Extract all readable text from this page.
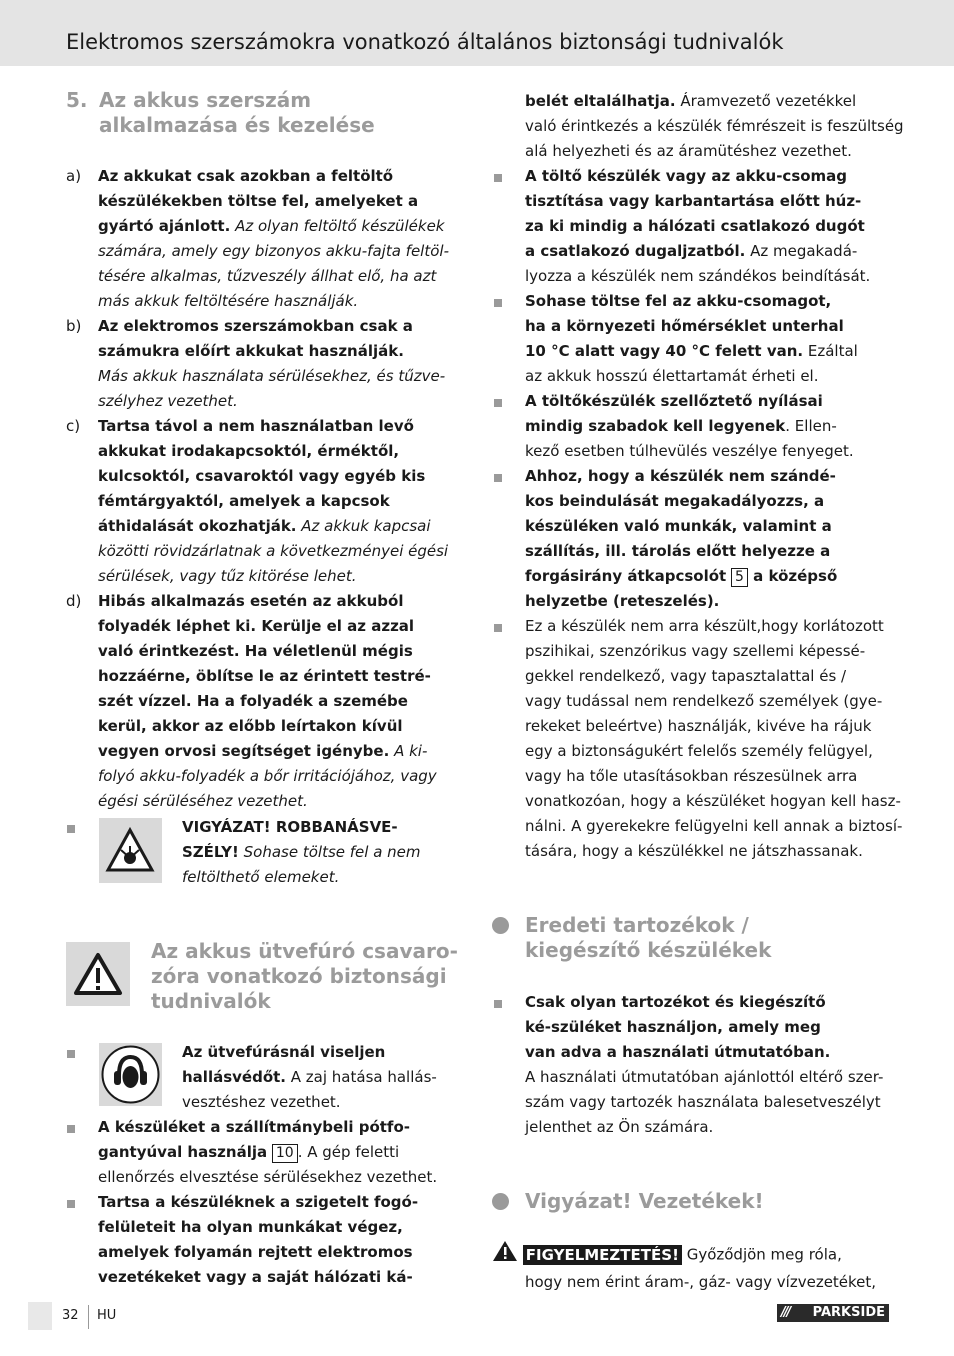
Elektromos szerszámokra vonatkozó általános biztonsági tudnivalók
5. Az akkus szerszám
alkalmazása és kezelése
a) Az akkukat csak azokban a feltöltő
készülékekben töltse fel, amelyeket a
gyártó ajánlott. Az olyan feltöltő készülékek
számára, amely egy bizonyos akku-fajta feltöl-
tésére alkalmas, tűzveszély állhat elő, ha azt
más akkuk feltöltésére használják.
b) Az elektromos szerszámokban csak a
számukra előírt akkukat használják.
Más akkuk használata sérülésekhez, és tűzve-
szélyhez vezethet.
c) Tartsa távol a nem használatban levő
akkukat irodakapcsoktól, érméktől,
kulcsoktól, csavaroktól vagy egyéb kis
fémtárgyaktól, amelyek a kapcsok
áthidalását okozhatják. Az akkuk kapcsai
közötti rövidzárlatnak a következményei égési
sérülések, vagy tűz kitörése lehet.
d) Hibás alkalmazás esetén az akkuból
folyadék léphet ki. Kerülje el az azzal
való érintkezést. Ha véletlenül mégis
hozzáérne, öblítse le az érintett testré-
szét vízzel. Ha a folyadék a szemébe
kerül, akkor az előbb leírtakon kívül
vegyen orvosi segítséget igénybe. A ki-
folyó akku-folyadék a bőr irritációjához, vagy
égési sérüléséhez vezethet.
VIGYÁZAT! ROBBANÁSVE-
SZÉLY! Sohase töltse fel a nem
feltölthető elemeket.
Az akkus ütvefúró csavaro-
zóra vonatkozó biztonsági
tudnivalók
Az ütvefúrásnál viseljen
hallásvédőt. A zaj hatása hallás-
vesztéshez vezethet.
A készüléket a szállítmánybeli pótfo-
gantyúval használja 10 . A gép feletti
ellenőrzés elvesztése sérülésekhez vezethet.
Tartsa a készüléknek a szigetelt fogó-
felületeit ha olyan munkákat végez,
amelyek folyamán rejtett elektromos
vezetékeket vagy a saját hálózati ká-
belét eltalálhatja. Áramvezető vezetékkel
való érintkezés a készülék fémrészeit is feszültség
alá helyezheti és az áramütéshez vezethet.
A töltő készülék vagy az akku-csomag
tisztítása vagy karbantartása előtt húz-
za ki mindig a hálózati csatlakozó dugót
a csatlakozó dugaljzatból. Az megakadá-
lyozza a készülék nem szándékos beindítását.
Sohase töltse fel az akku-csomagot,
ha a környezeti hőmérséklet unterhal
10 °C alatt vagy 40 °C felett van. Ezáltal
az akkuk hosszú élettartamát érheti el.
A töltőkészülék szellőztető nyílásai
mindig szabadok kell legyenek. Ellen-
kező esetben túlhevülés veszélye fenyeget.
Ahhoz, hogy a készülék nem szándé-
kos beindulását megakadályozzs, a
készüléken való munkák, valamint a
szállítás, ill. tárolás előtt helyezze a
forgásirány átkapcsolót 5 a középső
helyzetbe (reteszelés).
Ez a készülék nem arra készült,hogy korlátozott
pszihikai, szenzórikus vagy szellemi képessé-
gekkel rendelkező, vagy tapasztalattal és /
vagy tudással nem rendelkező személyek (gye-
rekeket beleértve) használják, kivéve ha rájuk
egy a biztonságukért felelős személy felügyel,
vagy ha tőle utasításokban részesülnek arra
vonatkozóan, hogy a készüléket hogyan kell hasz-
nálni. A gyerekekre felügyelni kell annak a biztosí-
tására, hogy a készülékkel ne játszhassanak.
Eredeti tartozékok /
kiegészítő készülékek
Csak olyan tartozékot és kiegészítő
ké-szüléket használjon, amely meg
van adva a használati útmutatóban.
A használati útmutatóban ajánlottól eltérő szer-
szám vagy tartozék használata balesetveszélyt
jelenthet az Ön számára.
Vigyázat! Vezetékek!
FIGYELMEZTETÉS! Győződjön meg róla,
hogy nem érint áram-, gáz- vagy vízvezetéket,
32 HU	/// PARKSIDE
